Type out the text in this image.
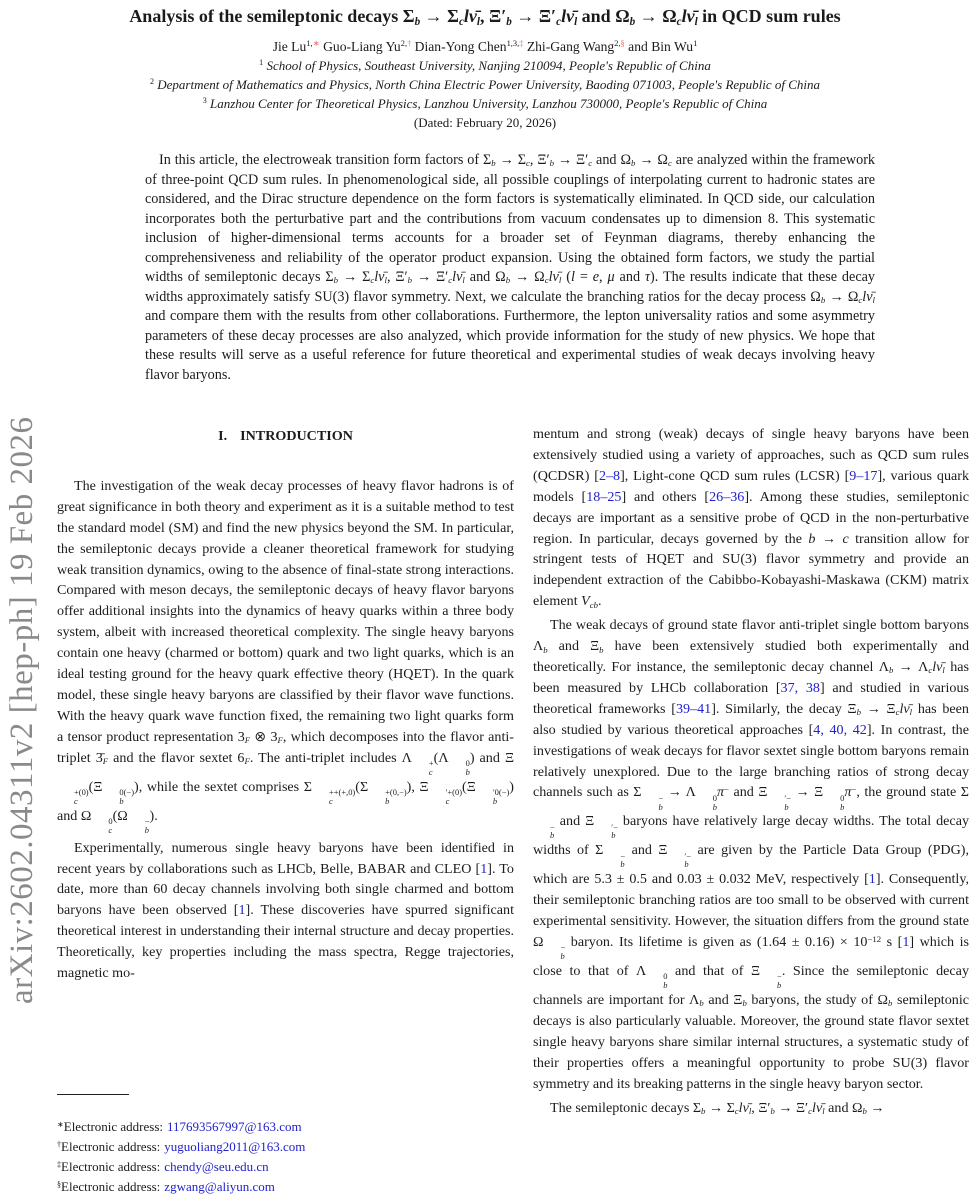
arXiv:2602.04311v2 [hep-ph] 19 Feb 2026
Analysis of the semileptonic decays $\Sigma_b$ → $\Sigma_cl\nū_l$, $\Xi'_b$ → $\Xi'_cl\nū_l$ and $\Omega_b$ → $\Omega_cl\nū_l$ in QCD sum rules
Jie $Lu^{1,∗}$ Guo-Liang $Yu^{2,\dagger}$ Dian-Yong Chen$^{1,3,\ddagger}$ Zhi-Gang Wang$^{2,\S}$ and Bin Wu$^1$
$^1$ School of Physics, Southeast University, Nanjing 210094, People's Republic of China
$^2$ Department of Mathematics and Physics, North China Electric Power University, Baoding 071003, People's Republic of China
$^3$ Lanzhou Center for Theoretical Physics, Lanzhou University, Lanzhou 730000, People's Republic of China
(Dated: February 20, 2026)
In this article, the electroweak transition form factors of $\Sigma_b \to \Sigma_c$, $\Xi'_b \to \Xi'_c$ and $\Omega_b \to \Omega_c$ are analyzed within the framework of three-point QCD sum rules. In phenomenological side, all possible couplings of interpolating current to hadronic states are considered, and the Dirac structure dependence on the form factors is systematically eliminated. In QCD side, our calculation incorporates both the perturbative part and the contributions from vacuum condensates up to dimension 8. This systematic inclusion of higher-dimensional terms accounts for a broader set of Feynman diagrams, thereby enhancing the comprehensiveness and reliability of the operator product expansion. Using the obtained form factors, we study the partial widths of semileptonic decays $\Sigma_b$ → $\Sigma_cl\nū_l$, $\Xi'_b$ → $\Xi'_cl\nū_l$ and $\Omega_b$ → $\Omega_cl\nū_l$ (l = e, μ and τ). The results indicate that these decay widths approximately satisfy SU(3) flavor symmetry. Next, we calculate the branching ratios for the decay process $\Omega_b$ → $\Omega_cl\nū_l$ and compare them with the results from other collaborations. Furthermore, the lepton universality ratios and some asymmetry parameters of these decay processes are also analyzed, which provide information for the study of new physics. We hope that these results will serve as a useful reference for future theoretical and experimental studies of weak decays involving heavy flavor baryons.
I. INTRODUCTION

The investigation of the weak decay processes of heavy flavor hadrons is of great significance in both theory and experiment as it is a suitable method to test the standard model (SM) and find the new physics beyond the SM. In particular, the semileptonic decays provide a cleaner theoretical framework for studying weak transition dynamics, owing to the absence of final-state strong interactions. Compared with meson decays, the semileptonic decays of heavy flavor baryons offer additional insights into the dynamics of heavy quarks within a three body system, albeit with increased theoretical complexity. The single heavy baryons contain one heavy (charmed or bottom) quark and two light quarks, which is an ideal testing ground for the heavy quark effective theory (HQET). In the quark model, these single heavy baryons are classified by their flavor wave functions. With the heavy quark wave function fixed, the remaining two light quarks form a tensor product representation $3_F$ ⊗ $3_F$, which decomposes into the flavor anti-triplet $3̄_F$ and the flavor sextet $6_F$. The anti-triplet includes Λ	+
c
(Λ	0
b
) and Ξ
+(0)
c
(Ξ	0(−)
b
), while the sextet comprises Σ	++(+,0)
c
(Σ	+(0,−)
b
), Ξ	′+(0)
c
(Ξ	′0(−)
b
) and Ω	0
c
(Ω	−
b
).

Experimentally, numerous single heavy baryons have been identified in recent years by collaborations such as LHCb, Belle, BABAR and CLEO [1]. To date, more than 60 decay channels involving both single charmed and bottom baryons have been observed [1]. These discoveries have spurred significant theoretical interest in understanding their internal structure and decay properties. Theoretically, key properties including the mass spectra, Regge trajectories, magnetic mo-

mentum and strong (weak) decays of single heavy baryons have been extensively studied using a variety of approaches, such as QCD sum rules (QCDSR) [2–8], Light-cone QCD sum rules (LCSR) [9–17], various quark models [18–25] and others [26–36]. Among these studies, semileptonic decays are important as a sensitive probe of QCD in the non-perturbative region. In particular, decays governed by the b → c transition allow for stringent tests of HQET and SU(3) flavor symmetry and provide an independent extraction of the Cabibbo-Kobayashi-Maskawa (CKM) matrix element $V_{cb}$.

The weak decays of ground state flavor anti-triplet single bottom baryons $\Lambda_b$ and $\Xi_b$ have been extensively studied both experimentally and theoretically. For instance, the semileptonic decay channel $\Lambda_b$ → $\Lambda_cl\nū_l$ has been measured by LHCb collaboration [37, 38] and studied in various theoretical frameworks [39–41]. Similarly, the decay $\Xi_b$ → $\Xi_cl\nū_l$ has been also studied by various theoretical approaches [4, 40, 42]. In contrast, the investigations of weak decays for flavor sextet single bottom baryons remain relatively unexplored. Due to the large branching ratios of strong decay channels such as Σ	−
b
→ Λ	0
b
π− and Ξ	′−
b
→ Ξ	0
b
π−, the ground state Σ
−
b
and Ξ	′−
b
baryons have relatively large decay widths. The total decay widths of Σ	−
b
and Ξ	′−
b
are given by the Particle Data Group (PDG), which are 5.3 ± 0.5 and 0.03 ± 0.032 MeV, respectively [1]. Consequently, their semileptonic branching ratios are too small to be observed with current experimental sensitivity. However, the situation differs from the ground state Ω	−
b
baryon. Its lifetime is given as $(1.64 \pm 0.16) \times 10^{-12}$ s [1] which is close to that of Λ	0
b
and that of Ξ	−
b
. Since the semileptonic decay channels are important for $\Lambda_b$ and $\Xi_b$ baryons, the study of $\Omega_b$ semileptonic decays is also particularly valuable. Moreover, the ground state flavor sextet single heavy baryons share similar internal structures, a systematic study of their properties offers a meaningful opportunity to probe SU(3) flavor symmetry and its breaking patterns in the single heavy baryon sector.

The semileptonic decays $\Sigma_b$ → $\Sigma_cl\nū_l$, $\Xi'_b$ → $\Xi'_cl\nū_l$ and $\Omega_b$ →

∗Electronic address: 117693567997@163.com
†Electronic address: yuguoliang2011@163.com
‡Electronic address: chendy@seu.edu.cn
§Electronic address: zgwang@aliyun.com
